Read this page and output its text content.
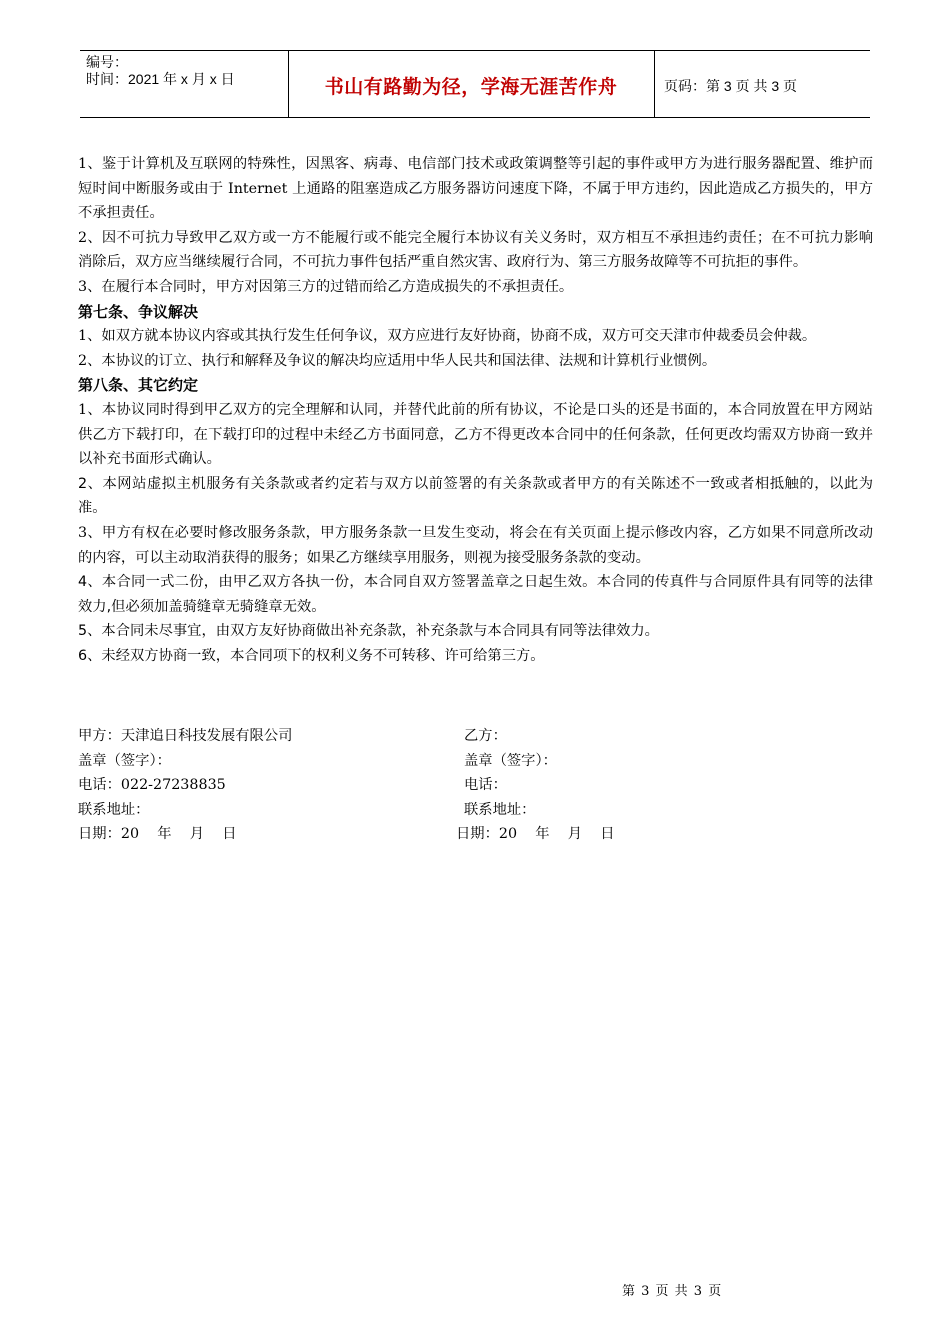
编号：
时间：2021 年 x 月 x 日	书山有路勤为径，学海无涯苦作舟	页码：第 3 页 共 3 页

1、鉴于计算机及互联网的特殊性，因黑客、病毒、电信部门技术或政策调整等引起的事件或甲方为进行服务器配置、维护而短时间中断服务或由于 Internet 上通路的阻塞造成乙方服务器访问速度下降，不属于甲方违约，因此造成乙方损失的，甲方不承担责任。

2、因不可抗力导致甲乙双方或一方不能履行或不能完全履行本协议有关义务时，双方相互不承担违约责任；在不可抗力影响消除后，双方应当继续履行合同，不可抗力事件包括严重自然灾害、政府行为、第三方服务故障等不可抗拒的事件。

3、在履行本合同时，甲方对因第三方的过错而给乙方造成损失的不承担责任。

第七条、争议解决

1、如双方就本协议内容或其执行发生任何争议，双方应进行友好协商，协商不成，双方可交天津市仲裁委员会仲裁。

2、本协议的订立、执行和解释及争议的解决均应适用中华人民共和国法律、法规和计算机行业惯例。

第八条、其它约定

1、本协议同时得到甲乙双方的完全理解和认同，并替代此前的所有协议，不论是口头的还是书面的，本合同放置在甲方网站供乙方下载打印，在下载打印的过程中未经乙方书面同意，乙方不得更改本合同中的任何条款，任何更改均需双方协商一致并以补充书面形式确认。

2、本网站虚拟主机服务有关条款或者约定若与双方以前签署的有关条款或者甲方的有关陈述不一致或者相抵触的，以此为准。

3、甲方有权在必要时修改服务条款，甲方服务条款一旦发生变动，将会在有关页面上提示修改内容，乙方如果不同意所改动的内容，可以主动取消获得的服务；如果乙方继续享用服务，则视为接受服务条款的变动。

4、本合同一式二份，由甲乙双方各执一份，本合同自双方签署盖章之日起生效。本合同的传真件与合同原件具有同等的法律效力,但必须加盖骑缝章无骑缝章无效。

5、本合同未尽事宜，由双方友好协商做出补充条款，补充条款与本合同具有同等法律效力。

6、未经双方协商一致，本合同项下的权利义务不可转移、许可给第三方。

甲方：天津追日科技发展有限公司	乙方：
盖章（签字）：	盖章（签字）：
电话：022-27238835	电话：
联系地址：	联系地址：
日期：20    年    月    日	日期：20    年    月    日
第 3 页 共 3 页
